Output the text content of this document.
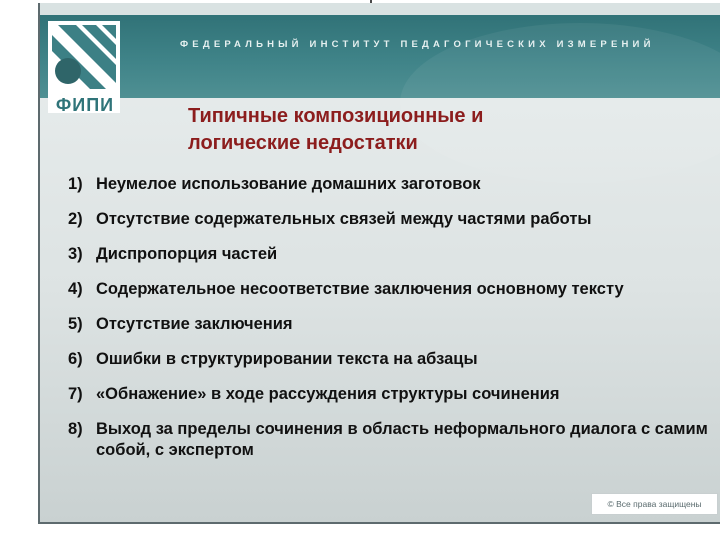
ФЕДЕРАЛЬНЫЙ ИНСТИТУТ ПЕДАГОГИЧЕСКИХ ИЗМЕРЕНИЙ
ФИПИ	Типичные композиционные и
логические недостатки
1) Неумелое использование домашних заготовок
2) Отсутствие содержательных связей между частями работы
3) Диспропорция частей
4) Содержательное несоответствие заключения основному тексту
5) Отсутствие заключения
6) Ошибки в структурировании текста на абзацы
7) «Обнажение» в ходе рассуждения структуры сочинения
8) Выход за пределы сочинения в область неформального диалога с самим собой, с экспертом
© Все права защищены
